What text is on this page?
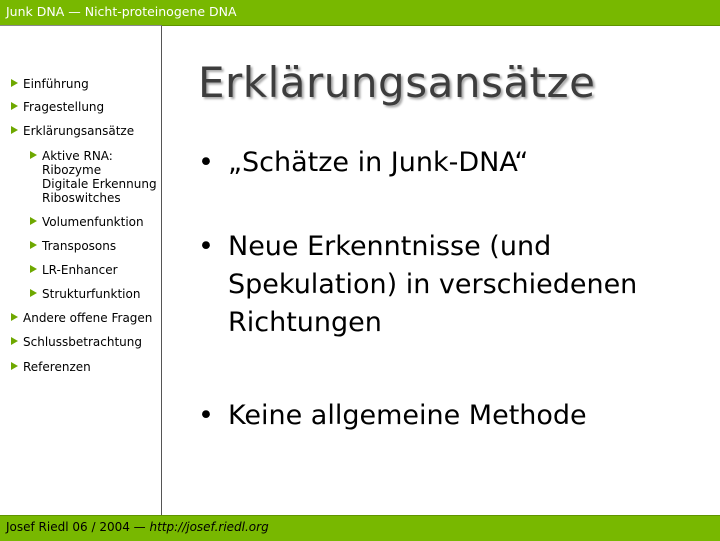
Junk DNA — Nicht-proteinogene DNA
Einführung
Fragestellung
Erklärungsansätze
Aktive RNA:
Ribozyme
Digitale Erkennung
Riboswitches
Volumenfunktion
Transposons
LR-Enhancer
Strukturfunktion
Andere offene Fragen
Schlussbetrachtung
Referenzen
Erklärungsansätze
• „Schätze in Junk-DNA“
• Neue Erkenntnisse (und
Spekulation) in verschiedenen
Richtungen
• Keine allgemeine Methode
Josef Riedl 06 / 2004 — http://josef.riedl.org
